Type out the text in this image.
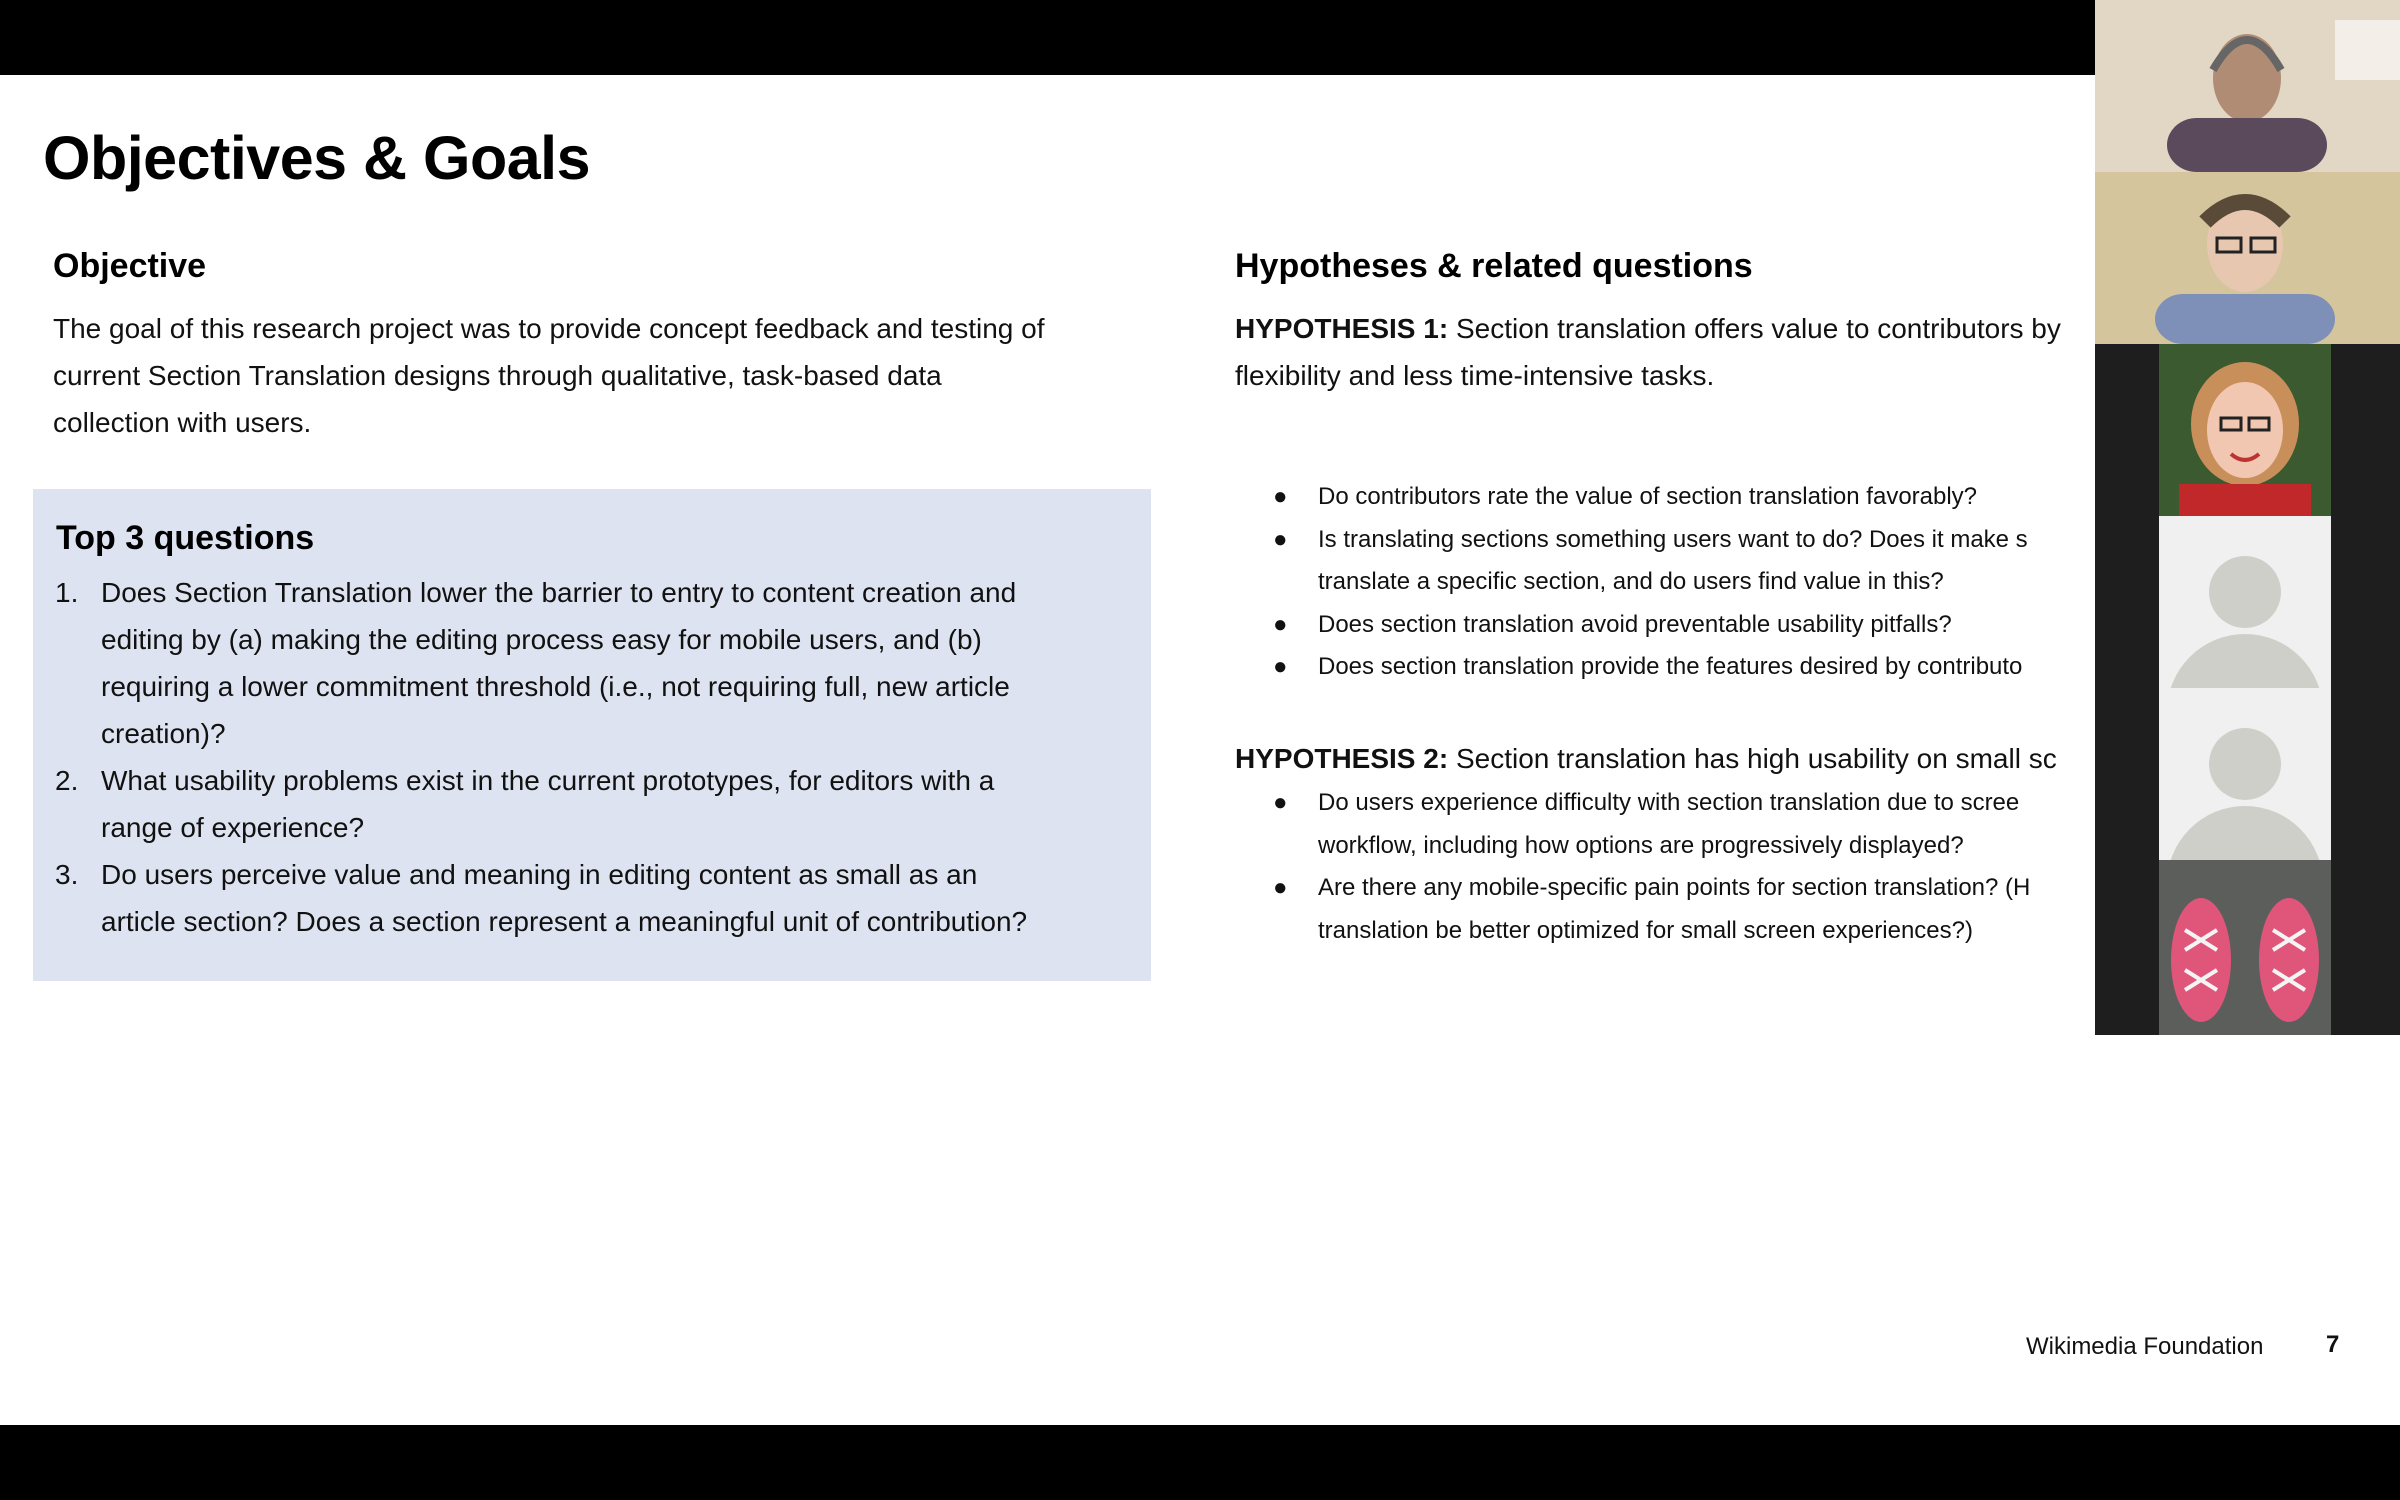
Objectives & Goals
Objective
The goal of this research project was to provide concept feedback and testing of
current Section Translation designs through qualitative, task-based data
collection with users.
Top 3 questions
1. Does Section Translation lower the barrier to entry to content creation and
editing by (a) making the editing process easy for mobile users, and (b)
requiring a lower commitment threshold (i.e., not requiring full, new article
creation)?
2. What usability problems exist in the current prototypes, for editors with a
range of experience?
3. Do users perceive value and meaning in editing content as small as an
article section? Does a section represent a meaningful unit of contribution?
Hypotheses & related questions
HYPOTHESIS 1: Section translation offers value to contributors by
flexibility and less time-intensive tasks.
● Do contributors rate the value of section translation favorably?
● Is translating sections something users want to do? Does it make s
translate a specific section, and do users find value in this?
● Does section translation avoid preventable usability pitfalls?
● Does section translation provide the features desired by contributo
HYPOTHESIS 2: Section translation has high usability on small sc
● Do users experience difficulty with section translation due to scree
workflow, including how options are progressively displayed?
● Are there any mobile-specific pain points for section translation? (H
translation be better optimized for small screen experiences?)
Wikimedia Foundation	7
